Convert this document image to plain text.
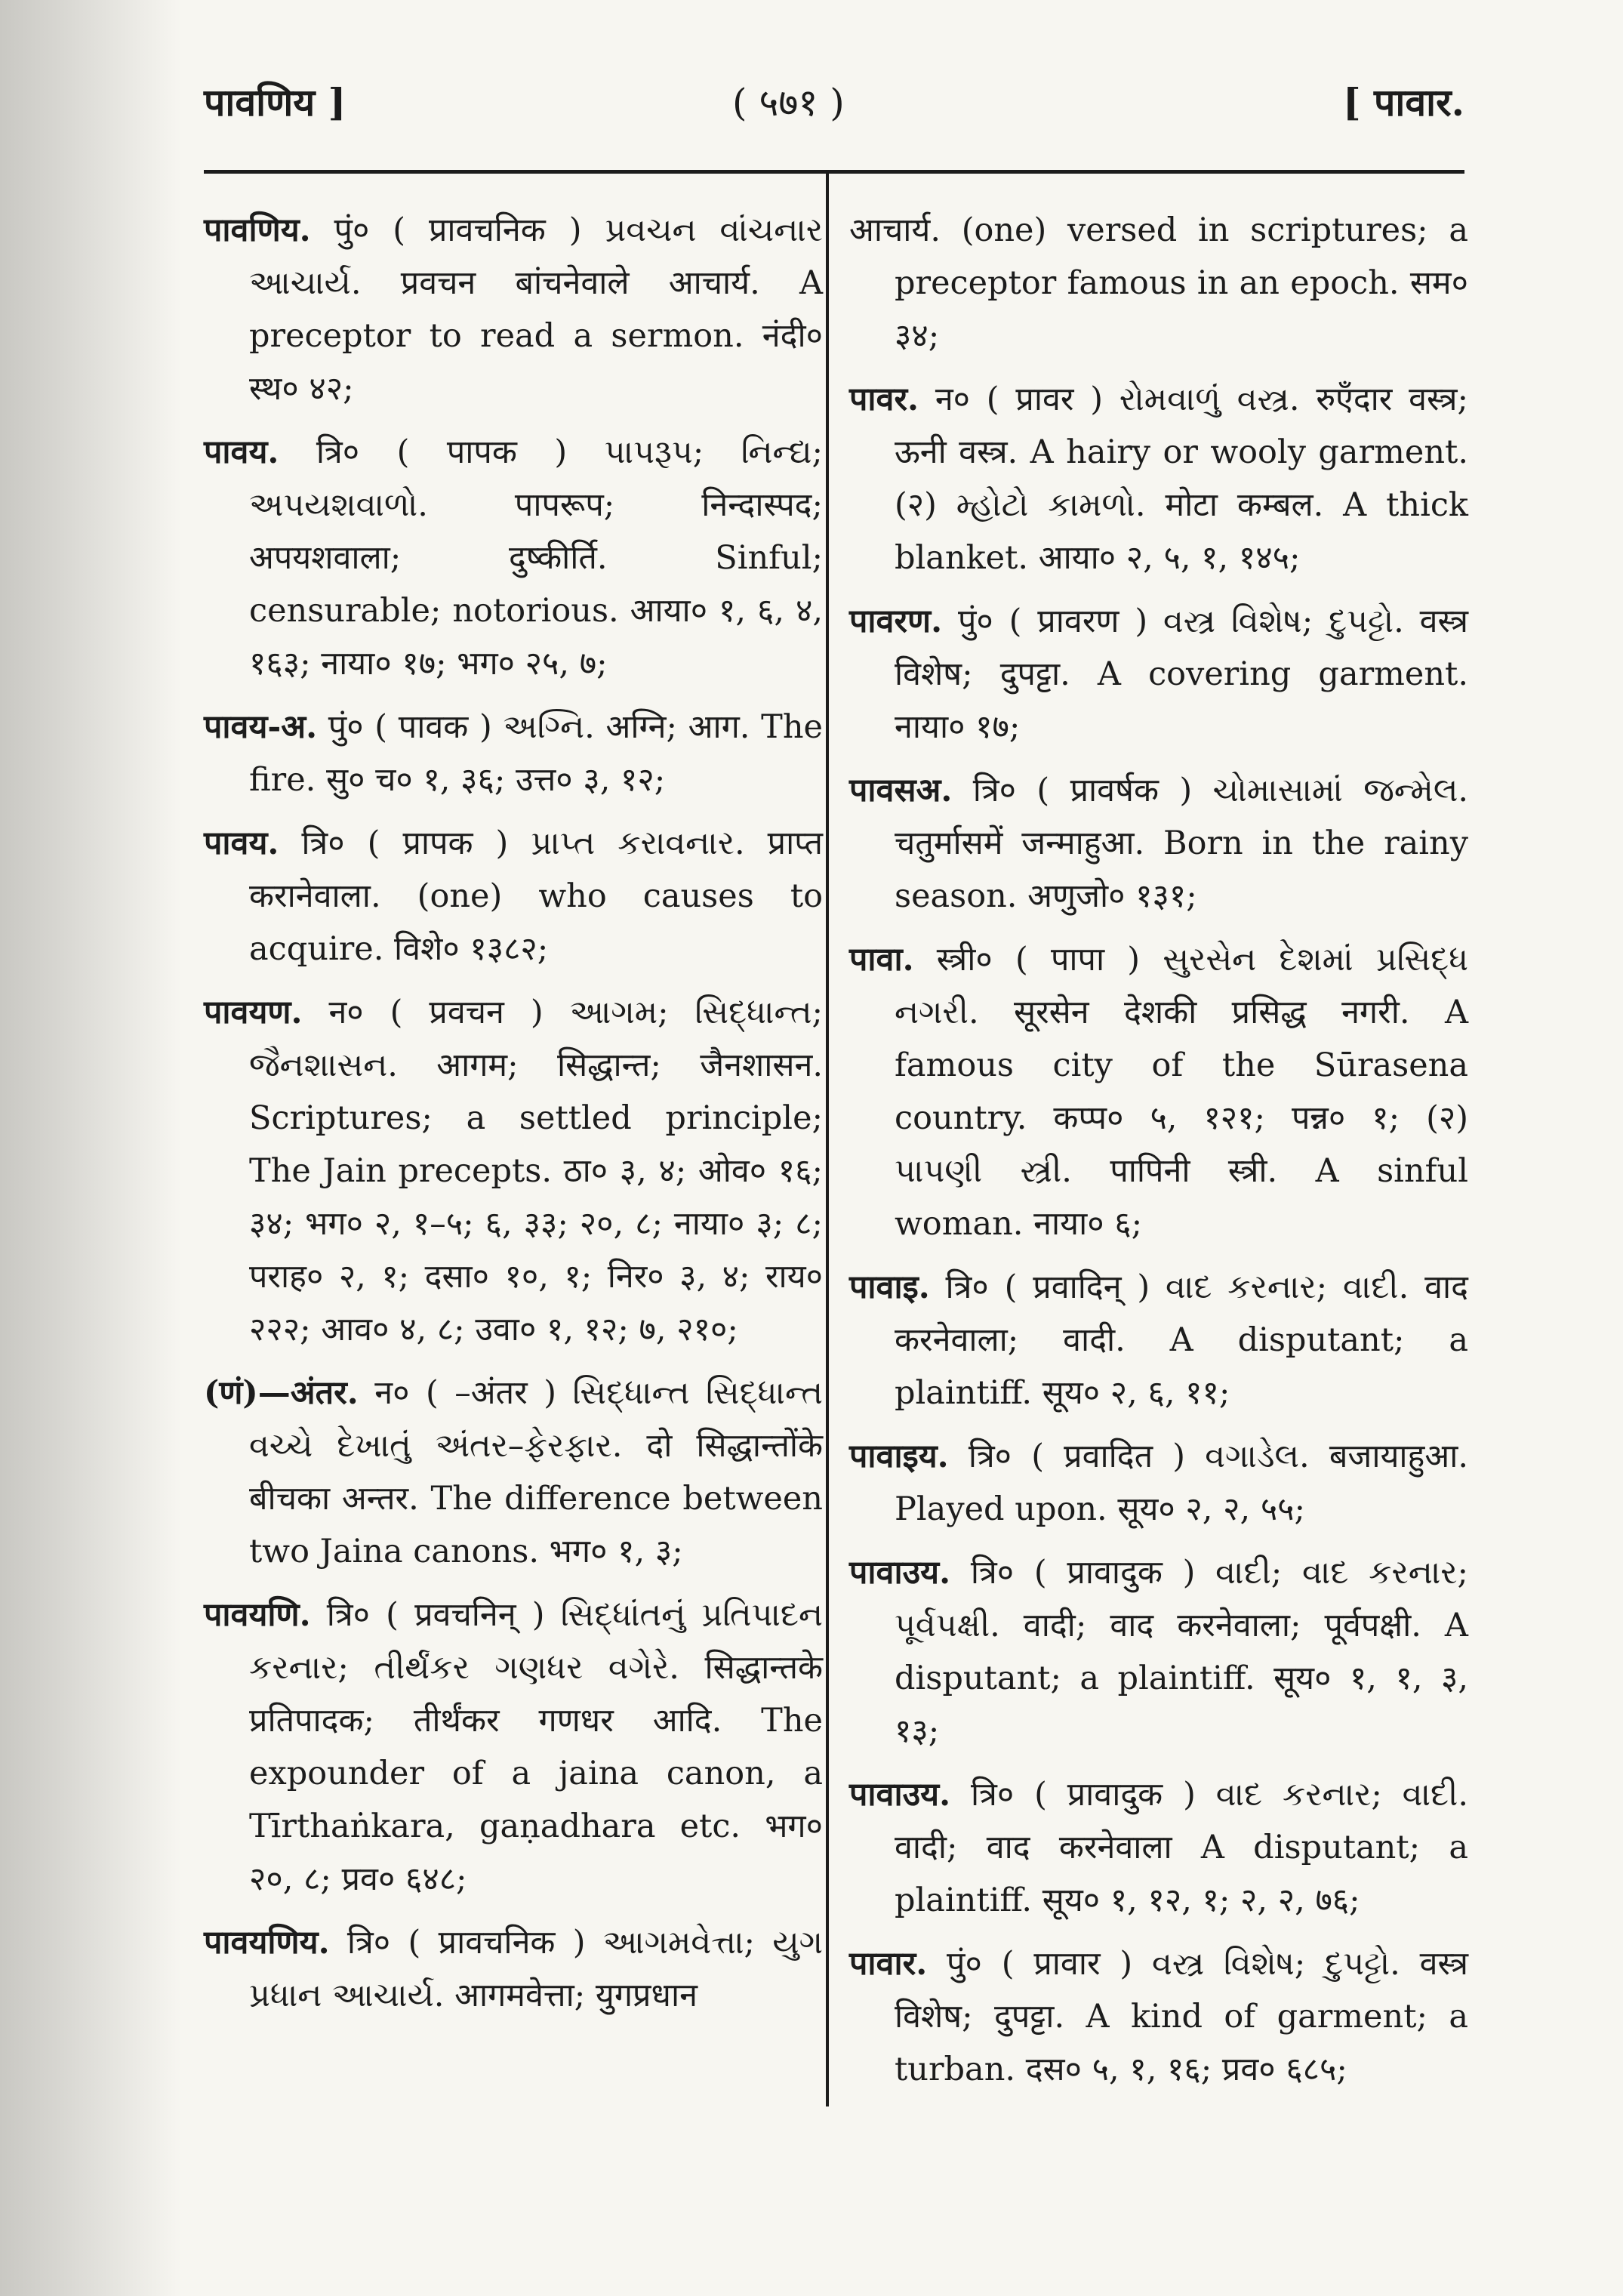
पावणिय ]	( ५७१ )	[ पावार.

पावणिय. पुं० ( प्रावचनिक ) પ્રવચન વાંચનાર આચાર્ય. प्रवचन बांचनेवाले आचार्य. A preceptor to read a sermon. नंदी० स्थ० ४२;

पावय. त्रि० ( पापक ) પાપરૂપ; નિન્દ્ય; અપયશવાળો. पापरूप; निन्दास्पद; अपयशवाला; दुष्कीर्ति. Sinful; censurable; notorious. आया० १, ६, ४, १६३; नाया० १७; भग० २५, ७;

पावय-अ. पुं० ( पावक ) અગ્નિ. अग्नि; आग. The fire. सु० च० १, ३६; उत्त० ३, १२;

पावय. त्रि० ( प्रापक ) પ્રાપ્ત કરાવનાર. प्राप्त करानेवाला. (one) who causes to acquire. विशे० १३८२;

पावयण. न० ( प्रवचन ) આગમ; સિદ્ધાન્ત; જૈનશાસન. आगम; सिद्धान्त; जैनशासन. Scriptures; a settled principle; The Jain precepts. ठा० ३, ४; ओव० १६; ३४; भग० २, १–५; ६, ३३; २०, ८; नाया० ३; ८; पराह० २, १; दसा० १०, १; निर० ३, ४; राय० २२२; आव० ४, ८; उवा० १, १२; ७, २१०;

(णं)—अंतर. न० ( –अंतर ) સિદ્ધાન્ત સિદ્ધાન્ત વચ્ચે દેખાતું અંતર–ફેરફાર. दो सिद्धान्तोंके बीचका अन्तर. The difference between two Jaina canons. भग० १, ३;

पावयणि. त्रि० ( प्रवचनिन् ) સિદ્ધાંતનું પ્રતિપાદન કરનાર; તીર્થંકર ગણધર વગેરે. सिद्धान्तके प्रतिपादक; तीर्थंकर गणधर आदि. The expounder of a jaina canon, a Tīrthaṅkara, gaṇadhara etc. भग० २०, ८; प्रव० ६४८;

पावयणिय. त्रि० ( प्रावचनिक ) આગમવેત્તા; યુગ પ્રધાન આચાર્ય. आगमवेत्ता; युगप्रधान

आचार्य. (one) versed in scriptures; a preceptor famous in an epoch. सम० ३४;

पावर. न० ( प्रावर ) રોમવાળું વસ્ત્ર. रुएँदार वस्त्र; ऊनी वस्त्र. A hairy or wooly garment. (२) મ્હોટો કામળો. मोटा कम्बल. A thick blanket. आया० २, ५, १, १४५;

पावरण. पुं० ( प्रावरण ) વસ્ત્ર વિશેષ; દુપટ્ટો. वस्त्र विशेष; दुपट्टा. A covering garment. नाया० १७;

पावसअ. त्रि० ( प्रावर्षक ) ચોમાસામાં જન્મેલ. चतुर्मासमें जन्माहुआ. Born in the rainy season. अणुजो० १३१;

पावा. स्त्री० ( पापा ) સુરસેન દેશમાં પ્રસિદ્ધ નગરી. सूरसेन देशकी प्रसिद्ध नगरी. A famous city of the Sūrasena country. कप्प० ५, १२१; पन्न० १; (२) પાપણી સ્ત્રી. पापिनी स्त्री. A sinful woman. नाया० ६;

पावाइ. त्रि० ( प्रवादिन् ) વાદ કરનાર; વાદી. वाद करनेवाला; वादी. A disputant; a plaintiff. सूय० २, ६, ११;

पावाइय. त्रि० ( प्रवादित ) વગાડેલ. बजायाहुआ. Played upon. सूय० २, २, ५५;

पावाउय. त्रि० ( प्रावादुक ) વાદી; વાદ કરનાર; પૂર્વપક્ષી. वादी; वाद करनेवाला; पूर्वपक्षी. A disputant; a plaintiff. सूय० १, १, ३, १३;

पावाउय. त्रि० ( प्रावादुक ) વાદ કરનાર; વાદી. वादी; वाद करनेवाला A disputant; a plaintiff. सूय० १, १२, १; २, २, ७६;

पावार. पुं० ( प्रावार ) વસ્ત્ર વિશેષ; દુપટ્ટો. वस्त्र विशेष; दुपट्टा. A kind of garment; a turban. दस० ५, १, १६; प्रव० ६८५;
